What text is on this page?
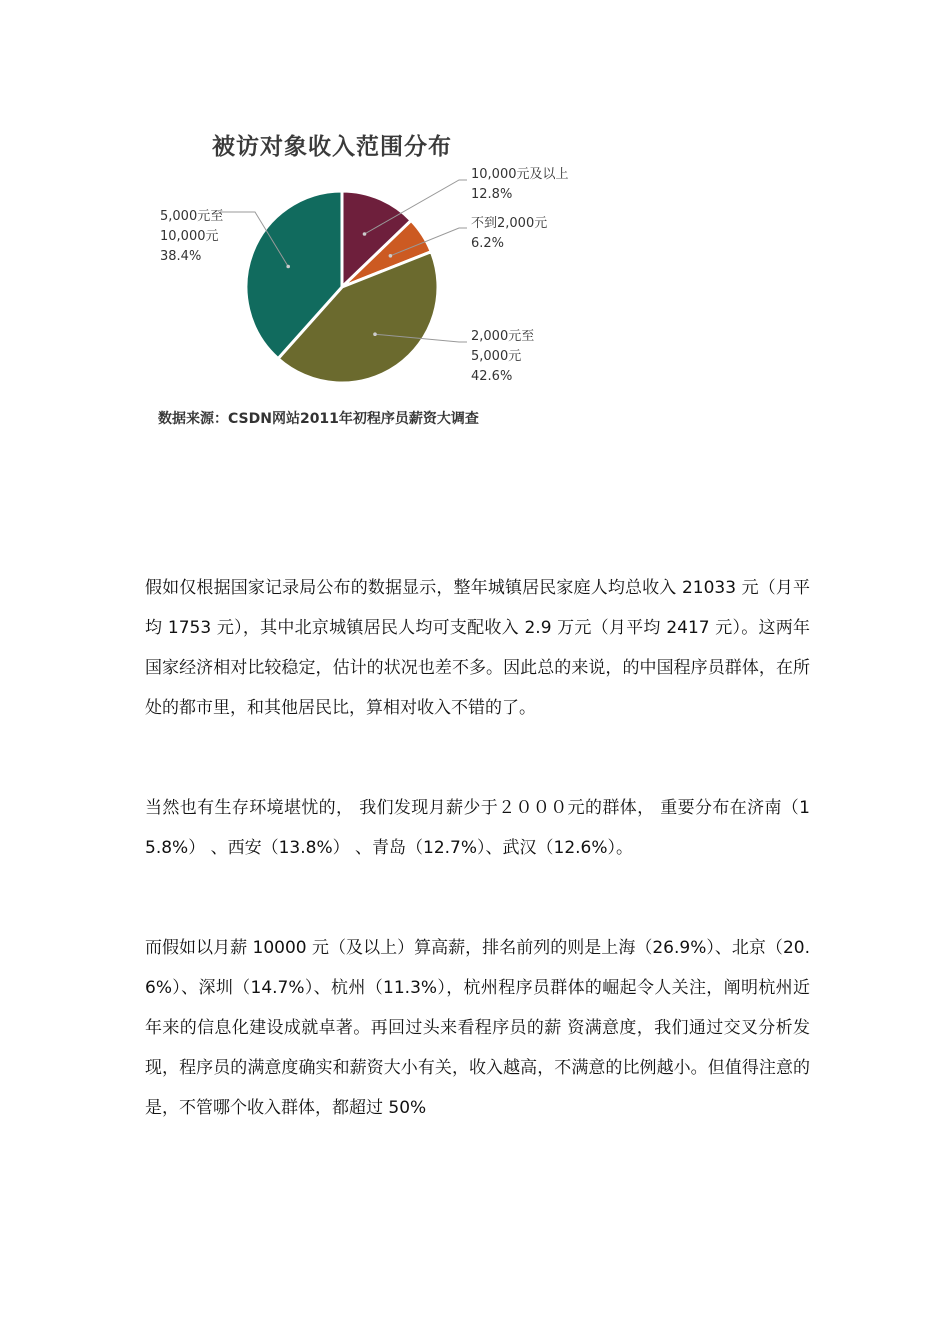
10,000元及以上 12.8%
不到2,000元 6.2%
2,000元至 5,000元 42.6%
5,000元至 10,000元 38.4%
被访对象收入范围分布

数据来源：CSDN网站2011年初程序员薪资大调查

假如仅根据国家记录局公布的数据显示，整年城镇居民家庭人均总收入 21033 元（月平均 1753 元），其中北京城镇居民人均可支配收入 2.9 万元（月平均 2417 元）。这两年国家经济相对比较稳定，估计的状况也差不多。因此总的来说，的中国程序员群体，在所处的都市里，和其他居民比，算相对收入不错的了。

当然也有生存环境堪忧的， 我们发现月薪少于２０００元的群体， 重要分布在济南（15.8%） 、西安（13.8%） 、青岛（12.7%）、武汉（12.6%）。

而假如以月薪 10000 元（及以上）算高薪，排名前列的则是上海（26.9%）、北京（20.6%）、深圳（14.7%）、杭州（11.3%），杭州程序员群体的崛起令人关注，阐明杭州近年来的信息化建设成就卓著。再回过头来看程序员的薪 资满意度，我们通过交叉分析发现，程序员的满意度确实和薪资大小有关，收入越高，不满意的比例越小。但值得注意的是，不管哪个收入群体，都超过 50%
